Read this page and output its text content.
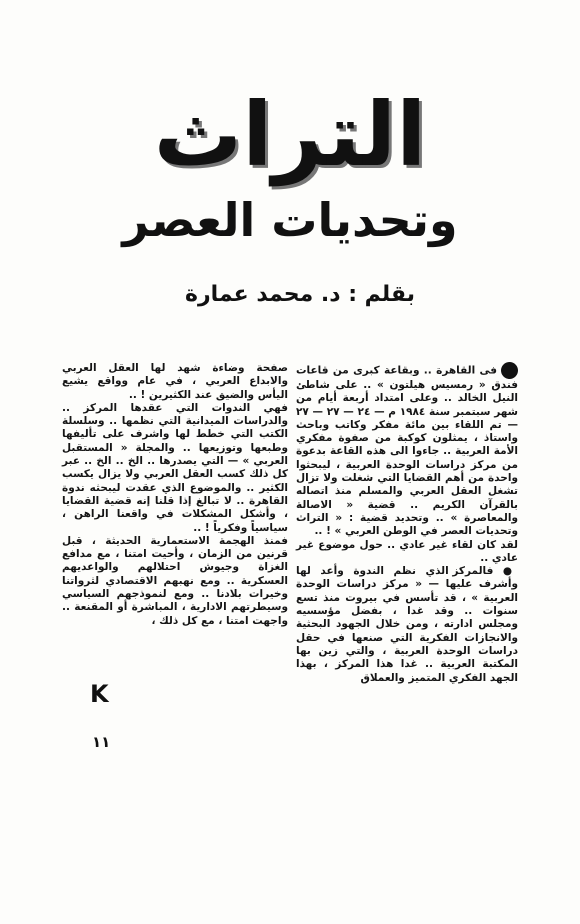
التراث
وتحديات العصر
بقلم : د. محمد عمارة

فى القاهرة .. وبقاعة كبرى من قاعات فندق « رمسيس هيلتون » .. على شاطئ النيل الخالد .. وعلى امتداد أربعة أيام من شهر سبتمبر سنة ١٩٨٤ م — ٢٤ — ٢٧ — ٢٧ — تم اللقاء بين مائة مفكر وكاتب وباحث واستاذ ، يمثلون كوكبة من صفوة مفكري الأمة العربية .. جاءوا الى هذه القاعة بدعوة من مركز دراسات الوحدة العربية ، ليبحثوا واحدة من أهم القضايا التي شغلت ولا تزال تشغل العقل العربي والمسلم منذ اتصاله بالقرآن الكريم .. قضية « الاصالة والمعاصرة » .. وتحديد قضية : « التراث وتحديات العصر في الوطن العربي » ! ..

لقد كان لقاء غير عادي .. حول موضوع غير عادي ..

● فالمركز الذي نظم الندوة وأعد لها وأشرف عليها — « مركز دراسات الوحدة العربية » ، قد تأسس في بيروت منذ تسع سنوات .. وقد غدا ، بفضل مؤسسيه ومجلس ادارته ، ومن خلال الجهود البحثية والانجازات الفكرية التي صنعها في حقل دراسات الوحدة العربية ، والتي زين بها المكتبة العربية .. غدا هذا المركز ، بهذا الجهد الفكري المتميز والعملاق

صفحة وضاءة شهد لها العقل العربي والابداع العربي ، في عام وواقع يشيع اليأس والضيق عند الكثيرين ! ..

فهي الندوات التي عقدها المركز .. والدراسات الميدانية التي نظمها .. وسلسلة الكتب التي خطط لها واشرف على تأليفها وطبعها وتوزيعها .. والمجلة « المستقبل العربي » — التي يصدرها .. الخ .. الخ .. عبر كل ذلك كسب العقل العربي ولا يزال يكسب الكثير .. والموضوع الذي عقدت ليبحثه ندوة القاهرة .. لا تبالغ إذا قلنا إنه قضية القضايا ، وأشكل المشكلات في واقعنا الراهن ، سياسياً وفكرياً ! ..

فمنذ الهجمة الاستعمارية الحديثة ، قبل قرنين من الزمان ، وأحيت امتنا ، مع مدافع الغزاة وجيوش احتلالهم والواعديهم العسكرية .. ومع نهبهم الاقتصادي لثرواتنا وخيرات بلادنا .. ومع لنموذجهم السياسي وسيطرتهم الادارية ، المباشرة أو المقنعة .. واجهت امتنا ، مع كل ذلك ،

K
١١
